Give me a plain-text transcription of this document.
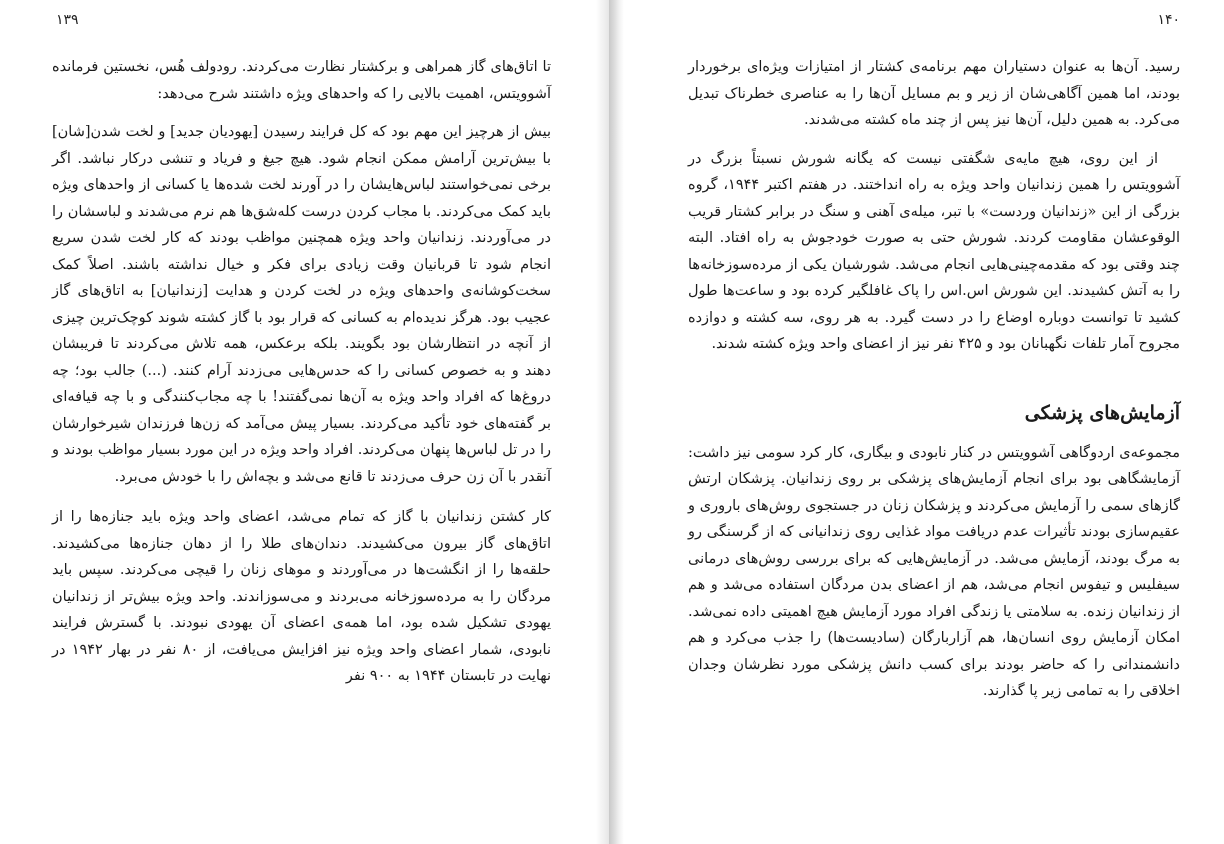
۱۳۹

تا اتاق‌های گاز همراهی و برکشتار نظارت می‌کردند. رودولف هُس، نخستین فرمانده آشوویتس، اهمیت بالایی را که واحدهای ویژه داشتند شرح می‌دهد:

بیش از هرچیز این مهم بود که کل فرایند رسیدن [یهودیان جدید] و لخت شدن[شان] با بیش‌ترین آرامش ممکن انجام شود. هیچ جیغ و فریاد و تنشی درکار نباشد. اگر برخی نمی‌خواستند لباس‌هایشان را در آورند لخت شده‌ها یا کسانی از واحدهای ویژه باید کمک می‌کردند. با مجاب کردن درست کله‌شق‌ها هم نرم می‌شدند و لباسشان را در می‌آوردند. زندانیان واحد ویژه همچنین مواظب بودند که کار لخت شدن سریع انجام شود تا قربانیان وقت زیادی برای فکر و خیال نداشته باشند. اصلاً کمک سخت‌کوشانه‌ی واحدهای ویژه در لخت کردن و هدایت [زندانیان] به اتاق‌های گاز عجیب بود. هرگز ندیده‌ام به کسانی که قرار بود با گاز کشته شوند کوچک‌ترین چیزی از آنچه در انتظارشان بود بگویند. بلکه برعکس، همه تلاش می‌کردند تا فریبشان دهند و به خصوص کسانی را که حدس‌هایی می‌زدند آرام کنند. (...) جالب بود؛ چه دروغ‌ها که افراد واحد ویژه به آن‌ها نمی‌گفتند! با چه مجاب‌کنندگی و با چه قیافه‌ای بر گفته‌های خود تأکید می‌کردند. بسیار پیش می‌آمد که زن‌ها فرزندان شیرخوارشان را در تل لباس‌ها پنهان می‌کردند. افراد واحد ویژه در این مورد بسیار مواظب بودند و آنقدر با آن زن حرف می‌زدند تا قانع می‌شد و بچه‌اش را با خودش می‌برد.

کار کشتن زندانیان با گاز که تمام می‌شد، اعضای واحد ویژه باید جنازه‌ها را از اتاق‌های گاز بیرون می‌کشیدند. دندان‌های طلا را از دهان جنازه‌ها می‌کشیدند. حلقه‌ها را از انگشت‌ها در می‌آوردند و موهای زنان را قیچی می‌کردند. سپس باید مردگان را به مرده‌سوزخانه می‌بردند و می‌سوزاندند. واحد ویژه بیش‌تر از زندانیان یهودی تشکیل شده بود، اما همه‌ی اعضای آن یهودی نبودند. با گسترش فرایند نابودی، شمار اعضای واحد ویژه نیز افزایش می‌یافت، از ۸۰ نفر در بهار ۱۹۴۲ در نهایت در تابستان ۱۹۴۴ به ۹۰۰ نفر

۱۴۰

رسید. آن‌ها به عنوان دستیاران مهم برنامه‌ی کشتار از امتیازات ویژه‌ای برخوردار بودند، اما همین آگاهی‌شان از زیر و بم مسایل آن‌ها را به عناصری خطرناک تبدیل می‌کرد. به همین دلیل، آن‌ها نیز پس از چند ماه کشته می‌شدند.

از این روی، هیچ مایه‌ی شگفتی نیست که یگانه شورش نسبتاً بزرگ در آشوویتس را همین زندانیان واحد ویژه به راه انداختند. در هفتم اکتبر ۱۹۴۴، گروه بزرگی از این «زندانیان وردست» با تبر، میله‌ی آهنی و سنگ در برابر کشتار قریب الوقوعشان مقاومت کردند. شورش حتی به صورت خودجوش به راه افتاد. البته چند وقتی بود که مقدمه‌چینی‌هایی انجام می‌شد. شورشیان یکی از مرده‌سوزخانه‌ها را به آتش کشیدند. این شورش اس.اس را پاک غافلگیر کرده بود و ساعت‌ها طول کشید تا توانست دوباره اوضاع را در دست گیرد. به هر روی، سه کشته و دوازده مجروح آمار تلفات نگهبانان بود و ۴۲۵ نفر نیز از اعضای واحد ویژه کشته شدند.

آزمایش‌های پزشکی

مجموعه‌ی اردوگاهی آشوویتس در کنار نابودی و بیگاری، کار کرد سومی نیز داشت: آزمایشگاهی بود برای انجام آزمایش‌های پزشکی بر روی زندانیان. پزشکان ارتش گازهای سمی را آزمایش می‌کردند و پزشکان زنان در جستجوی روش‌های باروری و عقیم‌سازی بودند تأثیرات عدم دریافت مواد غذایی روی زندانیانی که از گرسنگی رو به مرگ بودند، آزمایش می‌شد. در آزمایش‌هایی که برای بررسی روش‌های درمانی سیفلیس و تیفوس انجام می‌شد، هم از اعضای بدن مردگان استفاده می‌شد و هم از زندانیان زنده. به سلامتی یا زندگی افراد مورد آزمایش هیچ اهمیتی داده نمی‌شد. امکان آزمایش روی انسان‌ها، هم آزاربارگان (سادیست‌ها) را جذب می‌کرد و هم دانشمندانی را که حاضر بودند برای کسب دانش پزشکی مورد نظرشان وجدان اخلاقی را به تمامی زیر پا گذارند.
